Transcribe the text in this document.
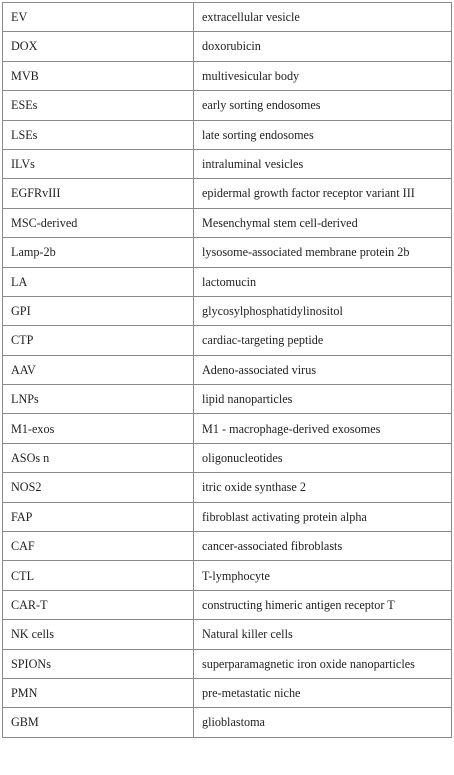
EV	extracellular vesicle
DOX	doxorubicin
MVB	multivesicular body
ESEs	early sorting endosomes
LSEs	late sorting endosomes
ILVs	intraluminal vesicles
EGFRvIII	epidermal growth factor receptor variant III
MSC-derived	Mesenchymal stem cell-derived
Lamp-2b	lysosome-associated membrane protein 2b
LA	lactomucin
GPI	glycosylphosphatidylinositol
CTP	cardiac-targeting peptide
AAV	Adeno-associated virus
LNPs	lipid nanoparticles
M1-exos	M1 - macrophage-derived exosomes
ASOs n	oligonucleotides
NOS2	itric oxide synthase 2
FAP	fibroblast activating protein alpha
CAF	cancer-associated fibroblasts
CTL	T-lymphocyte
CAR-T	constructing himeric antigen receptor T
NK cells	Natural killer cells
SPIONs	superparamagnetic iron oxide nanoparticles
PMN	pre-metastatic niche
GBM	glioblastoma
